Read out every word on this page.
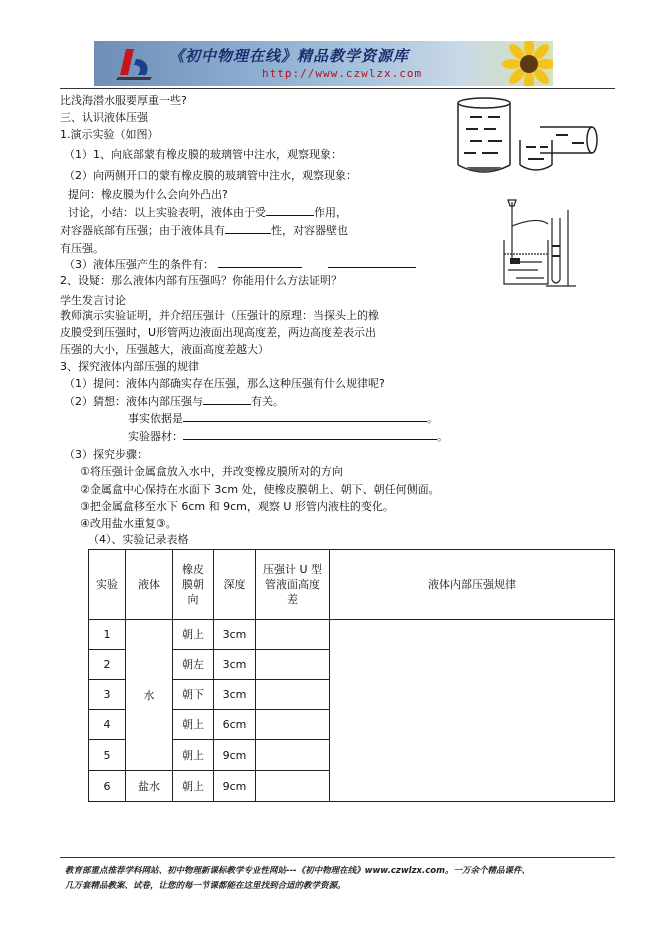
《初中物理在线》精品教学资源库
http://www.czwlzx.com
比浅海潜水服要厚重一些?
三、认识液体压强
1.演示实验（如图）
（1）1、向底部蒙有橡皮膜的玻璃管中注水，观察现象：
（2）向两侧开口的蒙有橡皮膜的玻璃管中注水，观察现象：
提问：橡皮膜为什么会向外凸出?
讨论，小结：以上实验表明，液体由于受	作用，
对容器底部有压强；由于液体具有	性，对容器壁也
有压强。
（3）液体压强产生的条件有：
2、设疑：那么液体内部有压强吗？你能用什么方法证明？
学生发言讨论
教师演示实验证明，并介绍压强计（压强计的原理：当探头上的橡
皮膜受到压强时，U形管两边液面出现高度差，两边高度差表示出
压强的大小，压强越大，液面高度差越大）
3、探究液体内部压强的规律
（1）提问：液体内部确实存在压强，那么这种压强有什么规律呢?
（2）猜想：液体内部压强与	有关。
事实依据是	。
实验器材：	。
（3）探究步骤：
①将压强计金属盒放入水中，并改变橡皮膜所对的方向
②金属盒中心保持在水面下 3cm 处，使橡皮膜朝上、朝下、朝任何侧面。
③把金属盒移至水下 6cm 和 9cm，观察 U 形管内液柱的变化。
④改用盐水重复③。
（4）、实验记录表格
实验	液体	橡皮膜朝向	深度	压强计 U 型管液面高度差	液体内部压强规律
1	水	朝上	3cm		
2		朝左	3cm		
3		朝下	3cm		
4		朝上	6cm		
5		朝上	9cm		
6	盐水	朝上	9cm		
教育部重点推荐学科网站、初中物理新课标教学专业性网站---《初中物理在线》www.czwlzx.com。一万余个精品课件、
几万套精品教案、试卷，让您的每一节课都能在这里找到合适的教学资源。
